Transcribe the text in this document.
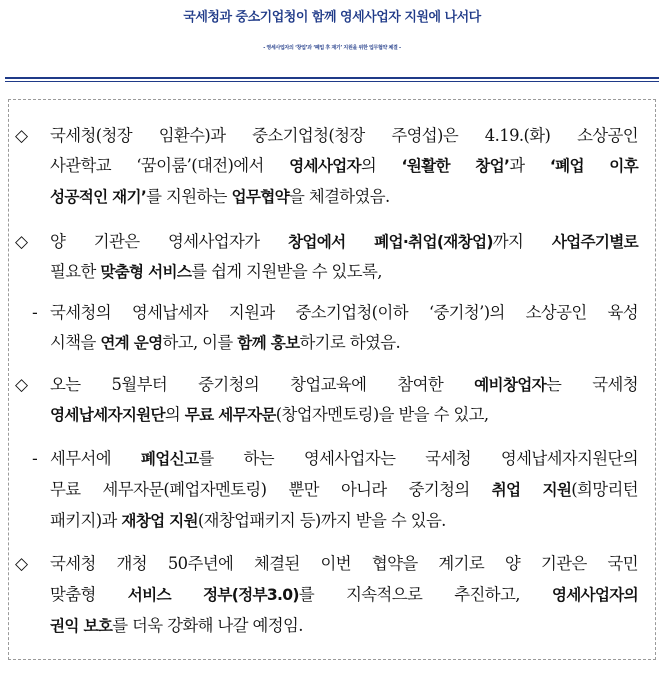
국세청과 중소기업청이 함께 영세사업자 지원에 나서다
- 영세사업자의 ‘창업’과 ‘폐업 후 재기’ 지원을 위한 업무협약 체결 -
◇ 국세청(청장 임환수)과 중소기업청(청장 주영섭)은 4.19.(화) 소상공인
사관학교 ‘꿈이룸’(대전)에서 영세사업자의 ‘원활한 창업’과 ‘폐업 이후
성공적인 재기’를 지원하는 업무협약을 체결하였음.
◇ 양 기관은 영세사업자가 창업에서 폐업·취업(재창업)까지 사업주기별로
필요한 맞춤형 서비스를 쉽게 지원받을 수 있도록,
- 국세청의 영세납세자 지원과 중소기업청(이하 ‘중기청’)의 소상공인 육성
시책을 연계 운영하고, 이를 함께 홍보하기로 하였음.
◇ 오는 5월부터 중기청의 창업교육에 참여한 예비창업자는 국세청
영세납세자지원단의 무료 세무자문(창업자멘토링)을 받을 수 있고,
- 세무서에 폐업신고를 하는 영세사업자는 국세청 영세납세자지원단의
무료 세무자문(폐업자멘토링) 뿐만 아니라 중기청의 취업 지원(희망리턴
패키지)과 재창업 지원(재창업패키지 등)까지 받을 수 있음.
◇ 국세청 개청 50주년에 체결된 이번 협약을 계기로 양 기관은 국민
맞춤형 서비스 정부(정부3.0)를 지속적으로 추진하고, 영세사업자의
권익 보호를 더욱 강화해 나갈 예정임.
